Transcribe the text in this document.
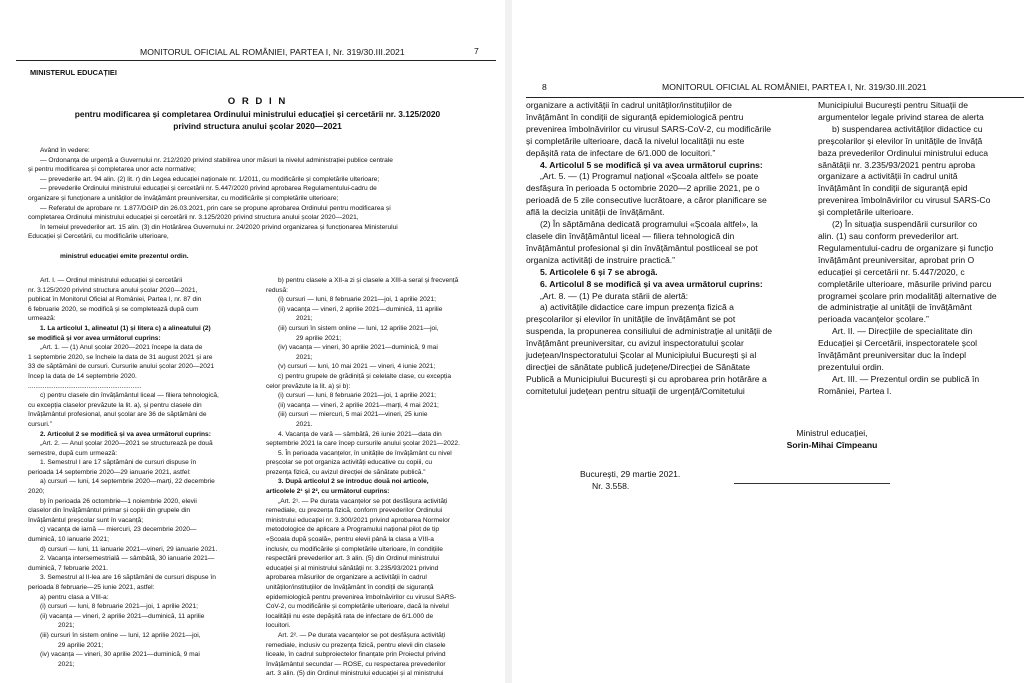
MONITORUL OFICIAL AL ROMÂNIEI, PARTEA I, Nr. 319/30.III.2021	7
MINISTERUL EDUCAȚIEI
O R D I N
pentru modificarea și completarea Ordinului ministrului educației și cercetării nr. 3.125/2020
privind structura anului școlar 2020—2021
Având în vedere:
— Ordonanța de urgență a Guvernului nr. 212/2020 privind stabilirea unor măsuri la nivelul administrației publice centrale
și pentru modificarea și completarea unor acte normative;
— prevederile art. 94 alin. (2) lit. r) din Legea educației naționale nr. 1/2011, cu modificările și completările ulterioare;
— prevederile Ordinului ministrului educației și cercetării nr. 5.447/2020 privind aprobarea Regulamentului-cadru de
organizare și funcționare a unităților de învățământ preuniversitar, cu modificările și completările ulterioare;
— Referatul de aprobare nr. 1.877/DGIP din 26.03.2021, prin care se propune aprobarea Ordinului pentru modificarea și
completarea Ordinului ministrului educației și cercetării nr. 3.125/2020 privind structura anului școlar 2020—2021,
în temeiul prevederilor art. 15 alin. (3) din Hotărârea Guvernului nr. 24/2020 privind organizarea și funcționarea Ministerului
Educației și Cercetării, cu modificările ulterioare,
ministrul educației emite prezentul ordin.
Art. I. — Ordinul ministrului educației și cercetării
nr. 3.125/2020 privind structura anului școlar 2020—2021,
publicat în Monitorul Oficial al României, Partea I, nr. 87 din
6 februarie 2020, se modifică și se completează după cum
urmează:
1. La articolul 1, alineatul (1) și litera c) a alineatului (2)
se modifică și vor avea următorul cuprins:
„Art. 1. — (1) Anul școlar 2020—2021 începe la data de
1 septembrie 2020, se încheie la data de 31 august 2021 și are
33 de săptămâni de cursuri. Cursurile anului școlar 2020—2021
încep la data de 14 septembrie 2020.
..............................................................
c) pentru clasele din învățământul liceal — filiera tehnologică,
cu excepția claselor prevăzute la lit. a), și pentru clasele din
învățământul profesional, anul școlar are 36 de săptămâni de
cursuri.”
2. Articolul 2 se modifică și va avea următorul cuprins:
„Art. 2. — Anul școlar 2020—2021 se structurează pe două
semestre, după cum urmează:
1. Semestrul I are 17 săptămâni de cursuri dispuse în
perioada 14 septembrie 2020—29 ianuarie 2021, astfel:
a) cursuri — luni, 14 septembrie 2020—marți, 22 decembrie
2020;
b) în perioada 26 octombrie—1 noiembrie 2020, elevii
claselor din învățământul primar și copiii din grupele din
învățământul preșcolar sunt în vacanță;
c) vacanța de iarnă — miercuri, 23 decembrie 2020—
duminică, 10 ianuarie 2021;
d) cursuri — luni, 11 ianuarie 2021—vineri, 29 ianuarie 2021.
2. Vacanța intersemestrială — sâmbătă, 30 ianuarie 2021—
duminică, 7 februarie 2021.
3. Semestrul al II-lea are 16 săptămâni de cursuri dispuse în
perioada 8 februarie—25 iunie 2021, astfel:
a) pentru clasa a VIII-a:
(i) cursuri — luni, 8 februarie 2021—joi, 1 aprilie 2021;
(ii) vacanța — vineri, 2 aprilie 2021—duminică, 11 aprilie
2021;
(iii) cursuri în sistem online — luni, 12 aprilie 2021—joi,
29 aprilie 2021;
(iv) vacanța — vineri, 30 aprilie 2021—duminică, 9 mai
2021;
b) pentru clasele a XII-a zi și clasele a XIII-a seral și frecvență
redusă:
(i) cursuri — luni, 8 februarie 2021—joi, 1 aprilie 2021;
(ii) vacanța — vineri, 2 aprilie 2021—duminică, 11 aprilie
2021;
(iii) cursuri în sistem online — luni, 12 aprilie 2021—joi,
29 aprilie 2021;
(iv) vacanța — vineri, 30 aprilie 2021—duminică, 9 mai
2021;
(v) cursuri — luni, 10 mai 2021 — vineri, 4 iunie 2021;
c) pentru grupele de grădiniță și celelalte clase, cu excepția
celor prevăzute la lit. a) și b):
(i) cursuri — luni, 8 februarie 2021—joi, 1 aprilie 2021;
(ii) vacanța — vineri, 2 aprilie 2021—marți, 4 mai 2021;
(iii) cursuri — miercuri, 5 mai 2021—vineri, 25 iunie
2021.
4. Vacanța de vară — sâmbătă, 26 iunie 2021—data din
septembrie 2021 la care încep cursurile anului școlar 2021—2022.
5. În perioada vacanțelor, în unitățile de învățământ cu nivel
preșcolar se pot organiza activități educative cu copiii, cu
prezența fizică, cu avizul direcției de sănătate publică.”
3. După articolul 2 se introduc două noi articole,
articolele 2¹ și 2², cu următorul cuprins:
„Art. 2¹. — Pe durata vacanțelor se pot desfășura activități
remediale, cu prezența fizică, conform prevederilor Ordinului
ministrului educației nr. 3.300/2021 privind aprobarea Normelor
metodologice de aplicare a Programului național pilot de tip
«Școala după școală», pentru elevii până la clasa a VIII-a
inclusiv, cu modificările și completările ulterioare, în condițiile
respectării prevederilor art. 3 alin. (5) din Ordinul ministrului
educației și al ministrului sănătății nr. 3.235/93/2021 privind
aprobarea măsurilor de organizare a activității în cadrul
unităților/instituțiilor de învățământ în condiții de siguranță
epidemiologică pentru prevenirea îmbolnăvirilor cu virusul SARS-
CoV-2, cu modificările și completările ulterioare, dacă la nivelul
localității nu este depășită rata de infectare de 6/1.000 de
locuitori.
Art. 2². — Pe durata vacanțelor se pot desfășura activități
remediale, inclusiv cu prezența fizică, pentru elevii din clasele
liceale, în cadrul subproiectelor finanțate prin Proiectul privind
învățământul secundar — ROSE, cu respectarea prevederilor
art. 3 alin. (5) din Ordinul ministrului educației și al ministrului
8	MONITORUL OFICIAL AL ROMÂNIEI, PARTEA I, Nr. 319/30.III.2021
organizare a activității în cadrul unităților/instituțiilor de
învățământ în condiții de siguranță epidemiologică pentru
prevenirea îmbolnăvirilor cu virusul SARS-CoV-2, cu modificările
și completările ulterioare, dacă la nivelul localității nu este
depășită rata de infectare de 6/1.000 de locuitori.”
4. Articolul 5 se modifică și va avea următorul cuprins:
„Art. 5. — (1) Programul național «Școala altfel» se poate
desfășura în perioada 5 octombrie 2020—2 aprilie 2021, pe o
perioadă de 5 zile consecutive lucrătoare, a căror planificare se
află la decizia unității de învățământ.
(2) În săptămâna dedicată programului «Școala altfel», la
clasele din învățământul liceal — filiera tehnologică din
învățământul profesional și din învățământul postliceal se pot
organiza activități de instruire practică.”
5. Articolele 6 și 7 se abrogă.
6. Articolul 8 se modifică și va avea următorul cuprins:
„Art. 8. — (1) Pe durata stării de alertă:
a) activitățile didactice care impun prezența fizică a
preșcolarilor și elevilor în unitățile de învățământ se pot
suspenda, la propunerea consiliului de administrație al unității de
învățământ preuniversitar, cu avizul inspectoratului școlar
județean/Inspectoratului Școlar al Municipiului București și al
direcției de sănătate publică județene/Direcției de Sănătate
Publică a Municipiului București și cu aprobarea prin hotărâre a
comitetului județean pentru situații de urgență/Comitetului
Municipiului București pentru Situații de
argumentelor legale privind starea de alerta
b) suspendarea activităților didactice cu
preșcolarilor și elevilor în unitățile de învăță
baza prevederilor Ordinului ministrului educa
sănătății nr. 3.235/93/2021 pentru aproba
organizare a activității în cadrul unită
învățământ în condiții de siguranță epid
prevenirea îmbolnăvirilor cu virusul SARS-Co
și completările ulterioare.
(2) În situația suspendării cursurilor co
alin. (1) sau conform prevederilor art.
Regulamentului-cadru de organizare și funcțio
învățământ preuniversitar, aprobat prin O
educației și cercetării nr. 5.447/2020, c
completările ulterioare, măsurile privind parcu
programei școlare prin modalități alternative de
de administrație al unității de învățământ
perioada vacanțelor școlare.”
Art. II. — Direcțiile de specialitate din
Educației și Cercetării, inspectoratele școl
învățământ preuniversitar duc la îndepl
prezentului ordin.
Art. III. — Prezentul ordin se publică în
României, Partea I.
Ministrul educației,
Sorin-Mihai Cîmpeanu
București, 29 martie 2021.
Nr. 3.558.
